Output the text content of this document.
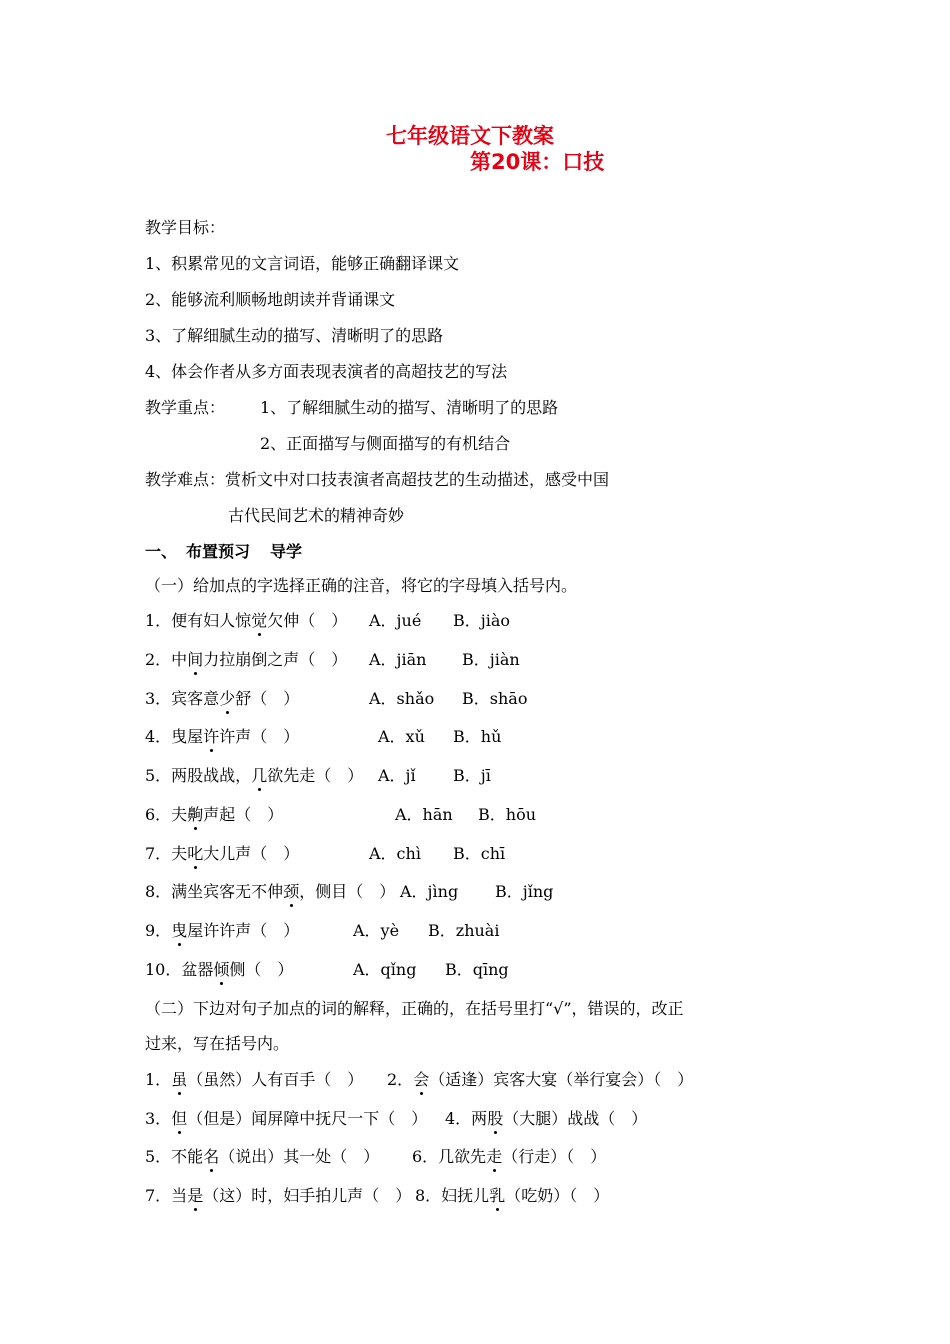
七年级语文下教案
第20课：口技
教学目标：
1、积累常见的文言词语，能够正确翻译课文
2、能够流利顺畅地朗读并背诵课文
3、了解细腻生动的描写、清晰明了的思路
4、体会作者从多方面表现表演者的高超技艺的写法
教学重点： 1、了解细腻生动的描写、清晰明了的思路
2、正面描写与侧面描写的有机结合
教学难点： 赏析文中对口技表演者高超技艺的生动描述，感受中国
古代民间艺术的精神奇妙
一、 布置预习 导学
（一）给加点的字选择正确的注音，将它的字母填入括号内。
1．便有妇人惊觉欠伸（　） A．jué B．jiào
2．中间力拉崩倒之声（　） A．jiān B．jiàn
3．宾客意少舒（　）	A．shǎo B．shāo
4．曳屋许许声（　）	A．xǔ B．hǔ
5．两股战战，几欲先走（　） A．jǐ B．jī
6．夫齁声起（　）	A．hān B．hōu
7．夫叱大儿声（　）	A．chì B．chī
8．满坐宾客无不伸颈，侧目（　） A．jìng B．jǐng
9．曳屋许许声（　）	A．yè B．zhuài
10．盆器倾侧（　）	A．qǐng B．qīng
（二）下边对句子加点的词的解释，正确的，在括号里打“√”，错误的，改正
过来，写在括号内。
1．虽（虽然）人有百手（　） 2．会（适逢）宾客大宴（举行宴会）（　）
3．但（但是）闻屏障中抚尺一下（　） 4．两股（大腿）战战（　）
5．不能名（说出）其一处（　） 6．几欲先走（行走）（　）
7．当是（这）时，妇手拍儿声（　） 8．妇抚儿乳（吃奶）（　）
